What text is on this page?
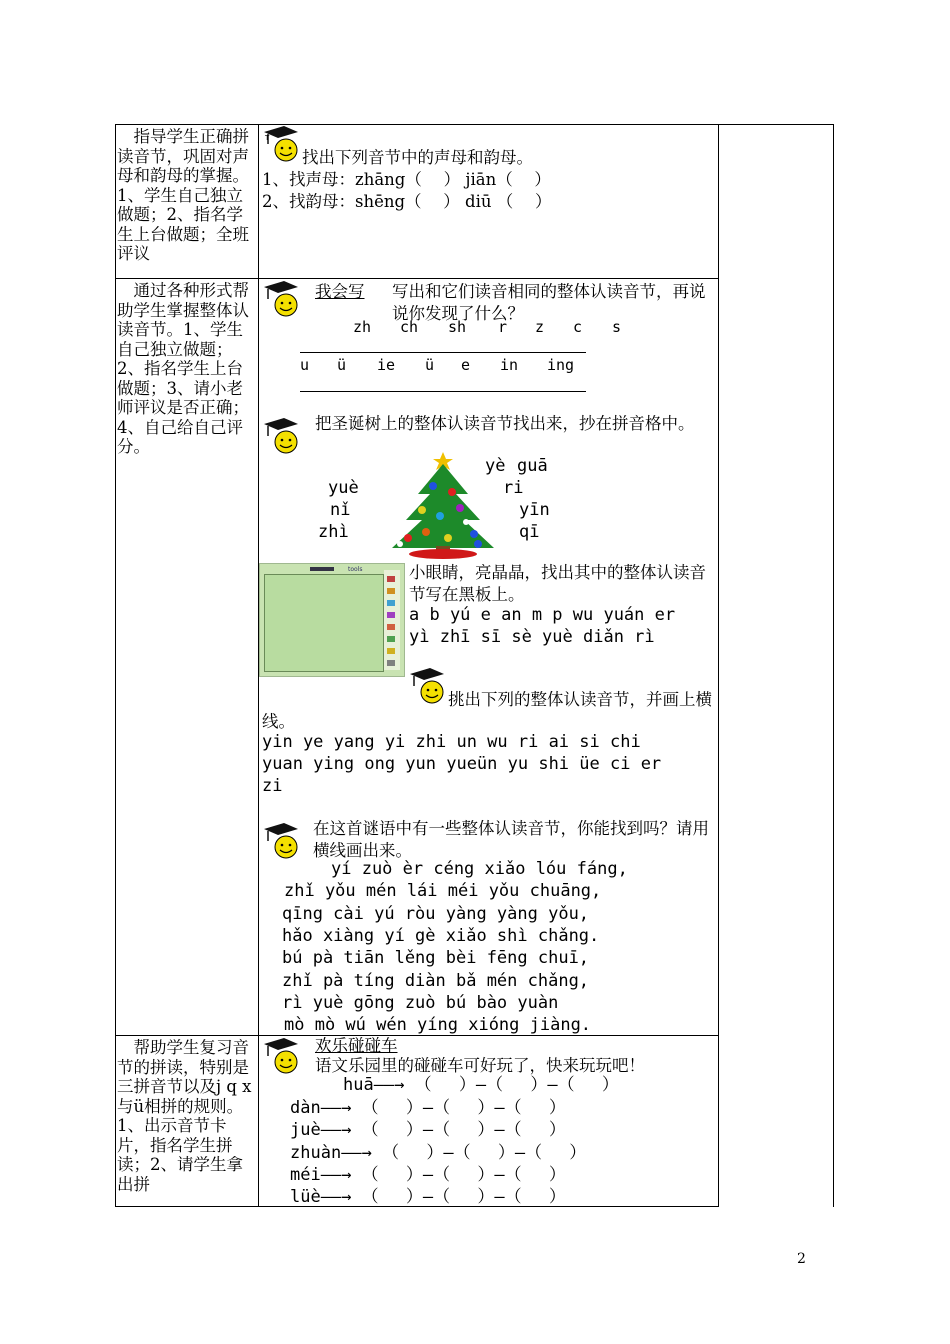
　指导学生正确拼读音节，巩固对声母和韵母的掌握。1、学生自己独立做题；2、指名学生上台做题；全班评议
T
找出下列音节中的声母和韵母。
1、找声母：zhāng（　 ） jiān（　 ）
2、找韵母：shēng（　 ） diū （　 ）
　通过各种形式帮助学生掌握整体认读音节。1、学生自己独立做题；2、指名学生上台做题；3、请小老师评议是否正确；4、自己给自己评分。
我会写 写出和它们读音相同的整体认读音节，再说说你发现了什么？
zh ch sh r z c s
u ü ie ü e in ing
把圣诞树上的整体认读音节找出来，抄在拼音格中。
yè guā
yuè	ri
nǐ	yīn
zhì	qī
tools	小眼睛，亮晶晶，找出其中的整体认读音节写在黑板上。
a b yú e an m p wu yuán er
yì zhī sī sè yuè diǎn rì
挑出下列的整体认读音节，并画上横线。
yin ye yang yi zhi un wu ri ai si chi
yuan ying ong yun yueün yu shi üe ci er
zi
在这首谜语中有一些整体认读音节，你能找到吗？请用横线画出来。
yí zuò èr céng xiǎo lóu fáng,
zhǐ yǒu mén lái méi yǒu chuāng,
qīng cài yú ròu yàng yàng yǒu,
hǎo xiàng yí gè xiǎo shì chǎng.
bú pà tiān lěng bèi fēng chuī,
zhǐ pà tíng diàn bǎ mén chǎng,
rì yuè gōng zuò bú bào yuàn
mò mò wú wén yíng xióng jiàng.
　帮助学生复习音节的拼读，特别是三拼音节以及j q x与ü相拼的规则。1、出示音节卡片，指名学生拼读；2、请学生拿出拼
欢乐碰碰车
语文乐园里的碰碰车可好玩了，快来玩玩吧！
huā——→ （　 ）—（　 ）—（　 ）
dàn——→ （　 ）—（　 ）—（　 ）
juè——→ （　 ）—（　 ）—（　 ）
zhuàn——→ （　 ）—（　 ）—（　 ）
méi——→ （　 ）—（　 ）—（　 ）
lüè——→ （　 ）—（　 ）—（　 ）
2
